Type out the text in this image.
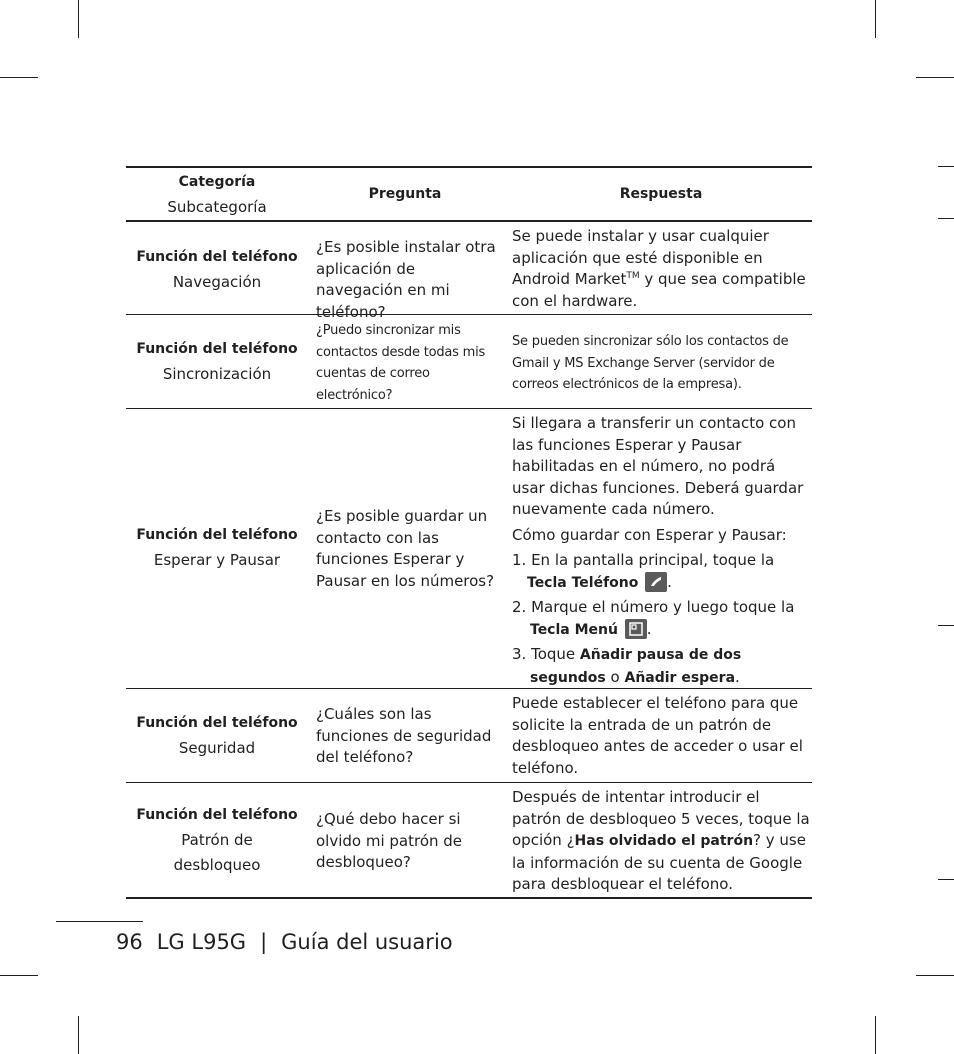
Categoría
Subcategoría
Pregunta	Respuesta
Función del teléfono
Navegación
¿Es posible instalar otra aplicación de navegación en mi teléfono?
Se puede instalar y usar cualquier aplicación que esté disponible en Android Market™ y que sea compatible con el hardware.
Función del teléfono
Sincronización
¿Puedo sincronizar mis contactos desde todas mis cuentas de correo electrónico?
Se pueden sincronizar sólo los contactos de Gmail y MS Exchange Server (servidor de correos electrónicos de la empresa).
Función del teléfono
Esperar y Pausar
¿Es posible guardar un contacto con las funciones Esperar y Pausar en los números?
Si llegara a transferir un contacto con las funciones Esperar y Pausar habilitadas en el número, no podrá usar dichas funciones. Deberá guardar nuevamente cada número.
Cómo guardar con Esperar y Pausar:
1. En la pantalla principal, toque la Tecla Teléfono .
2. Marque el número y luego toque la Tecla Menú .
3. Toque Añadir pausa de dos segundos o Añadir espera.
Función del teléfono
Seguridad
¿Cuáles son las funciones de seguridad del teléfono?
Puede establecer el teléfono para que solicite la entrada de un patrón de desbloqueo antes de acceder o usar el teléfono.
Función del teléfono
Patrón de desbloqueo
¿Qué debo hacer si olvido mi patrón de desbloqueo?
Después de intentar introducir el patrón de desbloqueo 5 veces, toque la opción ¿Has olvidado el patrón? y use la información de su cuenta de Google para desbloquear el teléfono.
96 LG L95G | Guía del usuario
